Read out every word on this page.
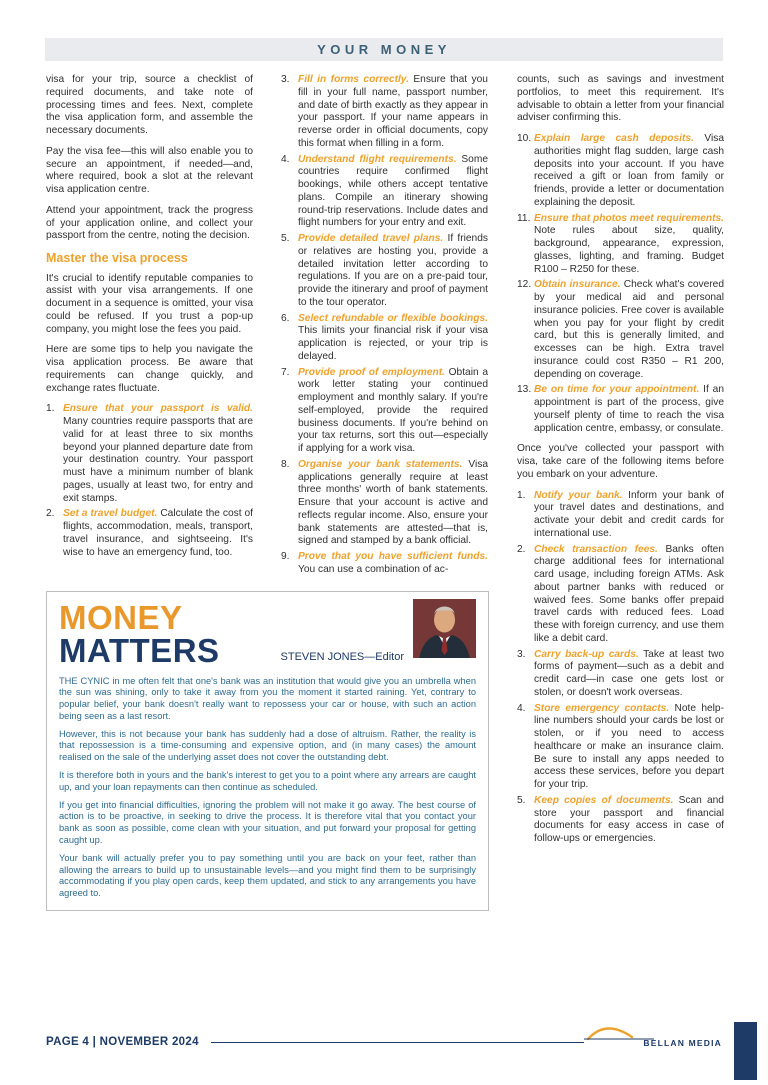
YOUR MONEY

visa for your trip, source a checklist of required documents, and take note of processing times and fees. Next, complete the visa application form, and assemble the necessary documents.

Pay the visa fee—this will also enable you to secure an appointment, if needed—and, where required, book a slot at the relevant visa application centre.

Attend your appointment, track the progress of your application online, and collect your passport from the centre, noting the decision.

Master the visa process

It's crucial to identify reputable companies to assist with your visa arrangements. If one document in a sequence is omitted, your visa could be refused. If you trust a pop-up company, you might lose the fees you paid.

Here are some tips to help you navigate the visa application process. Be aware that requirements can change quickly, and exchange rates fluctuate.

1. Ensure that your passport is valid. Many countries require passports that are valid for at least three to six months beyond your planned departure date from your destination country. Your passport must have a minimum number of blank pages, usually at least two, for entry and exit stamps.
2. Set a travel budget. Calculate the cost of flights, accommodation, meals, transport, travel insurance, and sightseeing. It's wise to have an emergency fund, too.
3. Fill in forms correctly. Ensure that you fill in your full name, passport number, and date of birth exactly as they appear in your passport. If your name appears in reverse order in official documents, copy this format when filling in a form.
4. Understand flight requirements. Some countries require confirmed flight bookings, while others accept tentative plans. Compile an itinerary showing round-trip reservations. Include dates and flight numbers for your entry and exit.
5. Provide detailed travel plans. If friends or relatives are hosting you, provide a detailed invitation letter according to regulations. If you are on a pre-paid tour, provide the itinerary and proof of payment to the tour operator.
6. Select refundable or flexible bookings. This limits your financial risk if your visa application is rejected, or your trip is delayed.
7. Provide proof of employment. Obtain a work letter stating your continued employment and monthly salary. If you're self-employed, provide the required business documents. If you're behind on your tax returns, sort this out—especially if applying for a work visa.
8. Organise your bank statements. Visa applications generally require at least three months' worth of bank statements. Ensure that your account is active and reflects regular income. Also, ensure your bank statements are attested—that is, signed and stamped by a bank official.
9. Prove that you have sufficient funds. You can use a combination of ac-
MONEY
MATTERS	STEVEN JONES—Editor

THE CYNIC in me often felt that one's bank was an institution that would give you an umbrella when the sun was shining, only to take it away from you the moment it started raining. Yet, contrary to popular belief, your bank doesn't really want to repossess your car or house, with such an action being seen as a last resort.

However, this is not because your bank has suddenly had a dose of altruism. Rather, the reality is that repossession is a time-consuming and expensive option, and (in many cases) the amount realised on the sale of the underlying asset does not cover the outstanding debt.

It is therefore both in yours and the bank's interest to get you to a point where any arrears are caught up, and your loan repayments can then continue as scheduled.

If you get into financial difficulties, ignoring the problem will not make it go away. The best course of action is to be proactive, in seeking to drive the process. It is therefore vital that you contact your bank as soon as possible, come clean with your situation, and put forward your proposal for getting caught up.

Your bank will actually prefer you to pay something until you are back on your feet, rather than allowing the arrears to build up to unsustainable levels—and you might find them to be surprisingly accommodating if you play open cards, keep them updated, and stick to any arrangements you have agreed to.

counts, such as savings and investment portfolios, to meet this requirement. It's advisable to obtain a letter from your financial adviser confirming this.

10. Explain large cash deposits. Visa authorities might flag sudden, large cash deposits into your account. If you have received a gift or loan from family or friends, provide a letter or documentation explaining the deposit.
11. Ensure that photos meet requirements. Note rules about size, quality, background, appearance, expression, glasses, lighting, and framing. Budget R100 – R250 for these.
12. Obtain insurance. Check what's covered by your medical aid and personal insurance policies. Free cover is available when you pay for your flight by credit card, but this is generally limited, and excesses can be high. Extra travel insurance could cost R350 – R1 200, depending on coverage.
13. Be on time for your appointment. If an appointment is part of the process, give yourself plenty of time to reach the visa application centre, embassy, or consulate.

Once you've collected your passport with visa, take care of the following items before you embark on your adventure.

1. Notify your bank. Inform your bank of your travel dates and destinations, and activate your debit and credit cards for international use.
2. Check transaction fees. Banks often charge additional fees for international card usage, including foreign ATMs. Ask about partner banks with reduced or waived fees. Some banks offer prepaid travel cards with reduced fees. Load these with foreign currency, and use them like a debit card.
3. Carry back-up cards. Take at least two forms of payment—such as a debit and credit card—in case one gets lost or stolen, or doesn't work overseas.
4. Store emergency contacts. Note help-line numbers should your cards be lost or stolen, or if you need to access healthcare or make an insurance claim. Be sure to install any apps needed to access these services, before you depart for your trip.
5. Keep copies of documents. Scan and store your passport and financial documents for easy access in case of follow-ups or emergencies.
PAGE 4 | NOVEMBER 2024	BELLAN MEDIA
